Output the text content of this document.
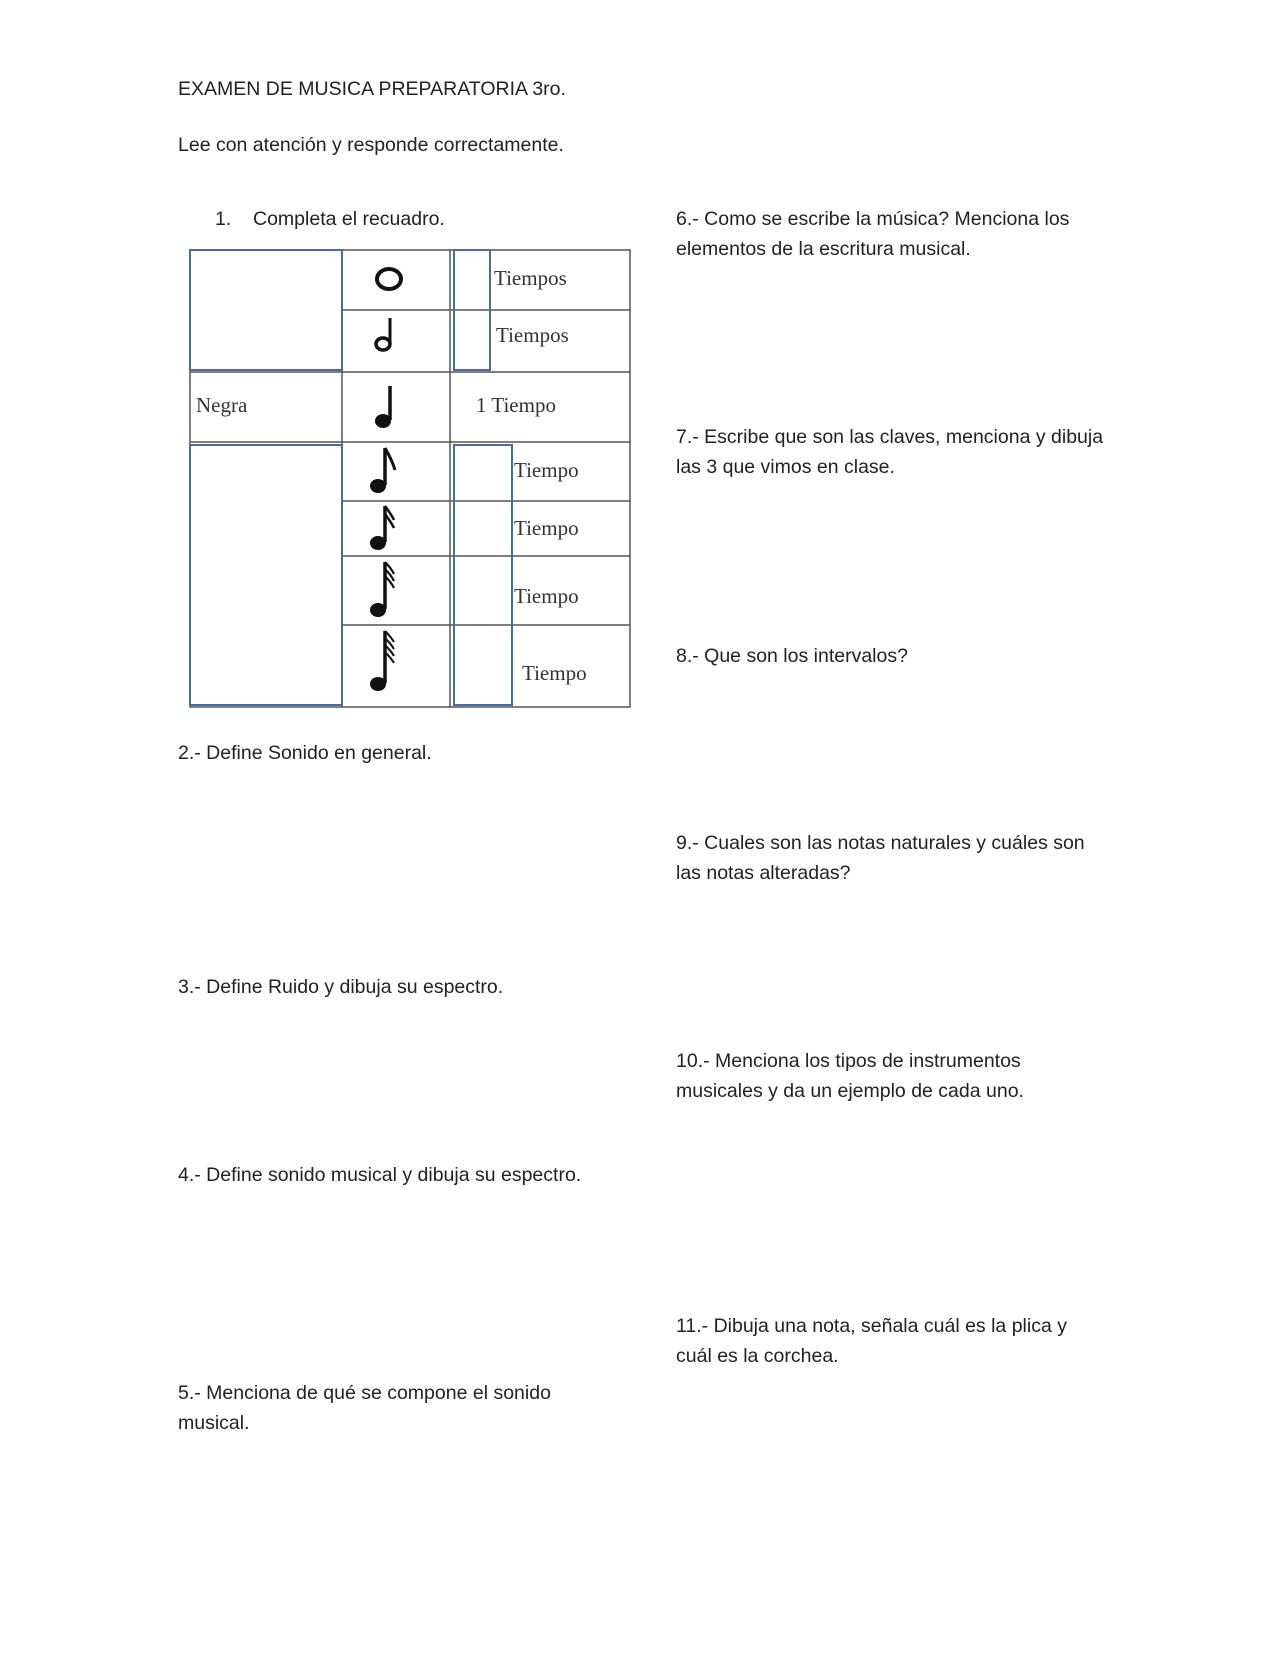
EXAMEN DE MUSICA PREPARATORIA 3ro.
Lee con atención y responde correctamente.
1. Completa el recuadro.
Tiempos
Tiempos
Negra	1 Tiempo
Tiempo
Tiempo
Tiempo
Tiempo
2.- Define Sonido en general.
3.- Define Ruido y dibuja su espectro.
4.- Define sonido musical y dibuja su espectro.
5.- Menciona de qué se compone el sonido musical.
6.- Como se escribe la música? Menciona los elementos de la escritura musical.
7.- Escribe que son las claves, menciona y dibuja las 3 que vimos en clase.
8.- Que son los intervalos?
9.- Cuales son las notas naturales y cuáles son las notas alteradas?
10.- Menciona los tipos de instrumentos musicales y da un ejemplo de cada uno.
11.- Dibuja una nota, señala cuál es la plica y cuál es la corchea.
